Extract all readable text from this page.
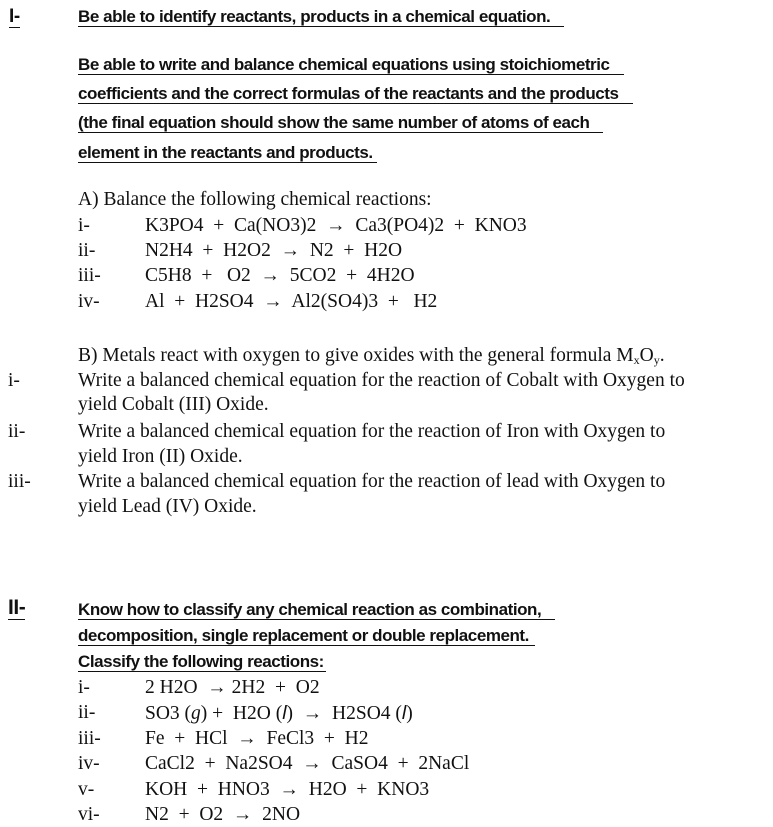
I-	Be able to identify reactants, products in a chemical equation.
Be able to write and balance chemical equations using stoichiometric
coefficients and the correct formulas of the reactants and the products
(the final equation should show the same number of atoms of each
element in the reactants and products.
A) Balance the following chemical reactions:
i-	K3PO4  +  Ca(NO3)2  →  Ca3(PO4)2  +  KNO3
ii-	N2H4  +  H2O2  →  N2  +  H2O
iii- C5H8  +   O2  →  5CO2  +  4H2O
iv- Al  +  H2SO4  →  Al2(SO4)3  +   H2
B) Metals react with oxygen to give oxides with the general formula $M_xO_y$.
i-	Write a balanced chemical equation for the reaction of Cobalt with Oxygen to
yield Cobalt (III) Oxide.
ii-	Write a balanced chemical equation for the reaction of Iron with Oxygen to
yield Iron (II) Oxide.
iii- Write a balanced chemical equation for the reaction of lead with Oxygen to
yield Lead (IV) Oxide.
II-	Know how to classify any chemical reaction as combination,
decomposition, single replacement or double replacement.
Classify the following reactions:
i-	2 H2O  → 2H2  +  O2
ii-	SO3 (g) +  H2O (l)  →  H2SO4 (l)
iii- Fe  +  HCl  →  FeCl3  +  H2
iv- CaCl2  +  Na2SO4  →  CaSO4  +  2NaCl
v-	KOH  +  HNO3  →  H2O  +  KNO3
vi- N2  +  O2  →  2NO
